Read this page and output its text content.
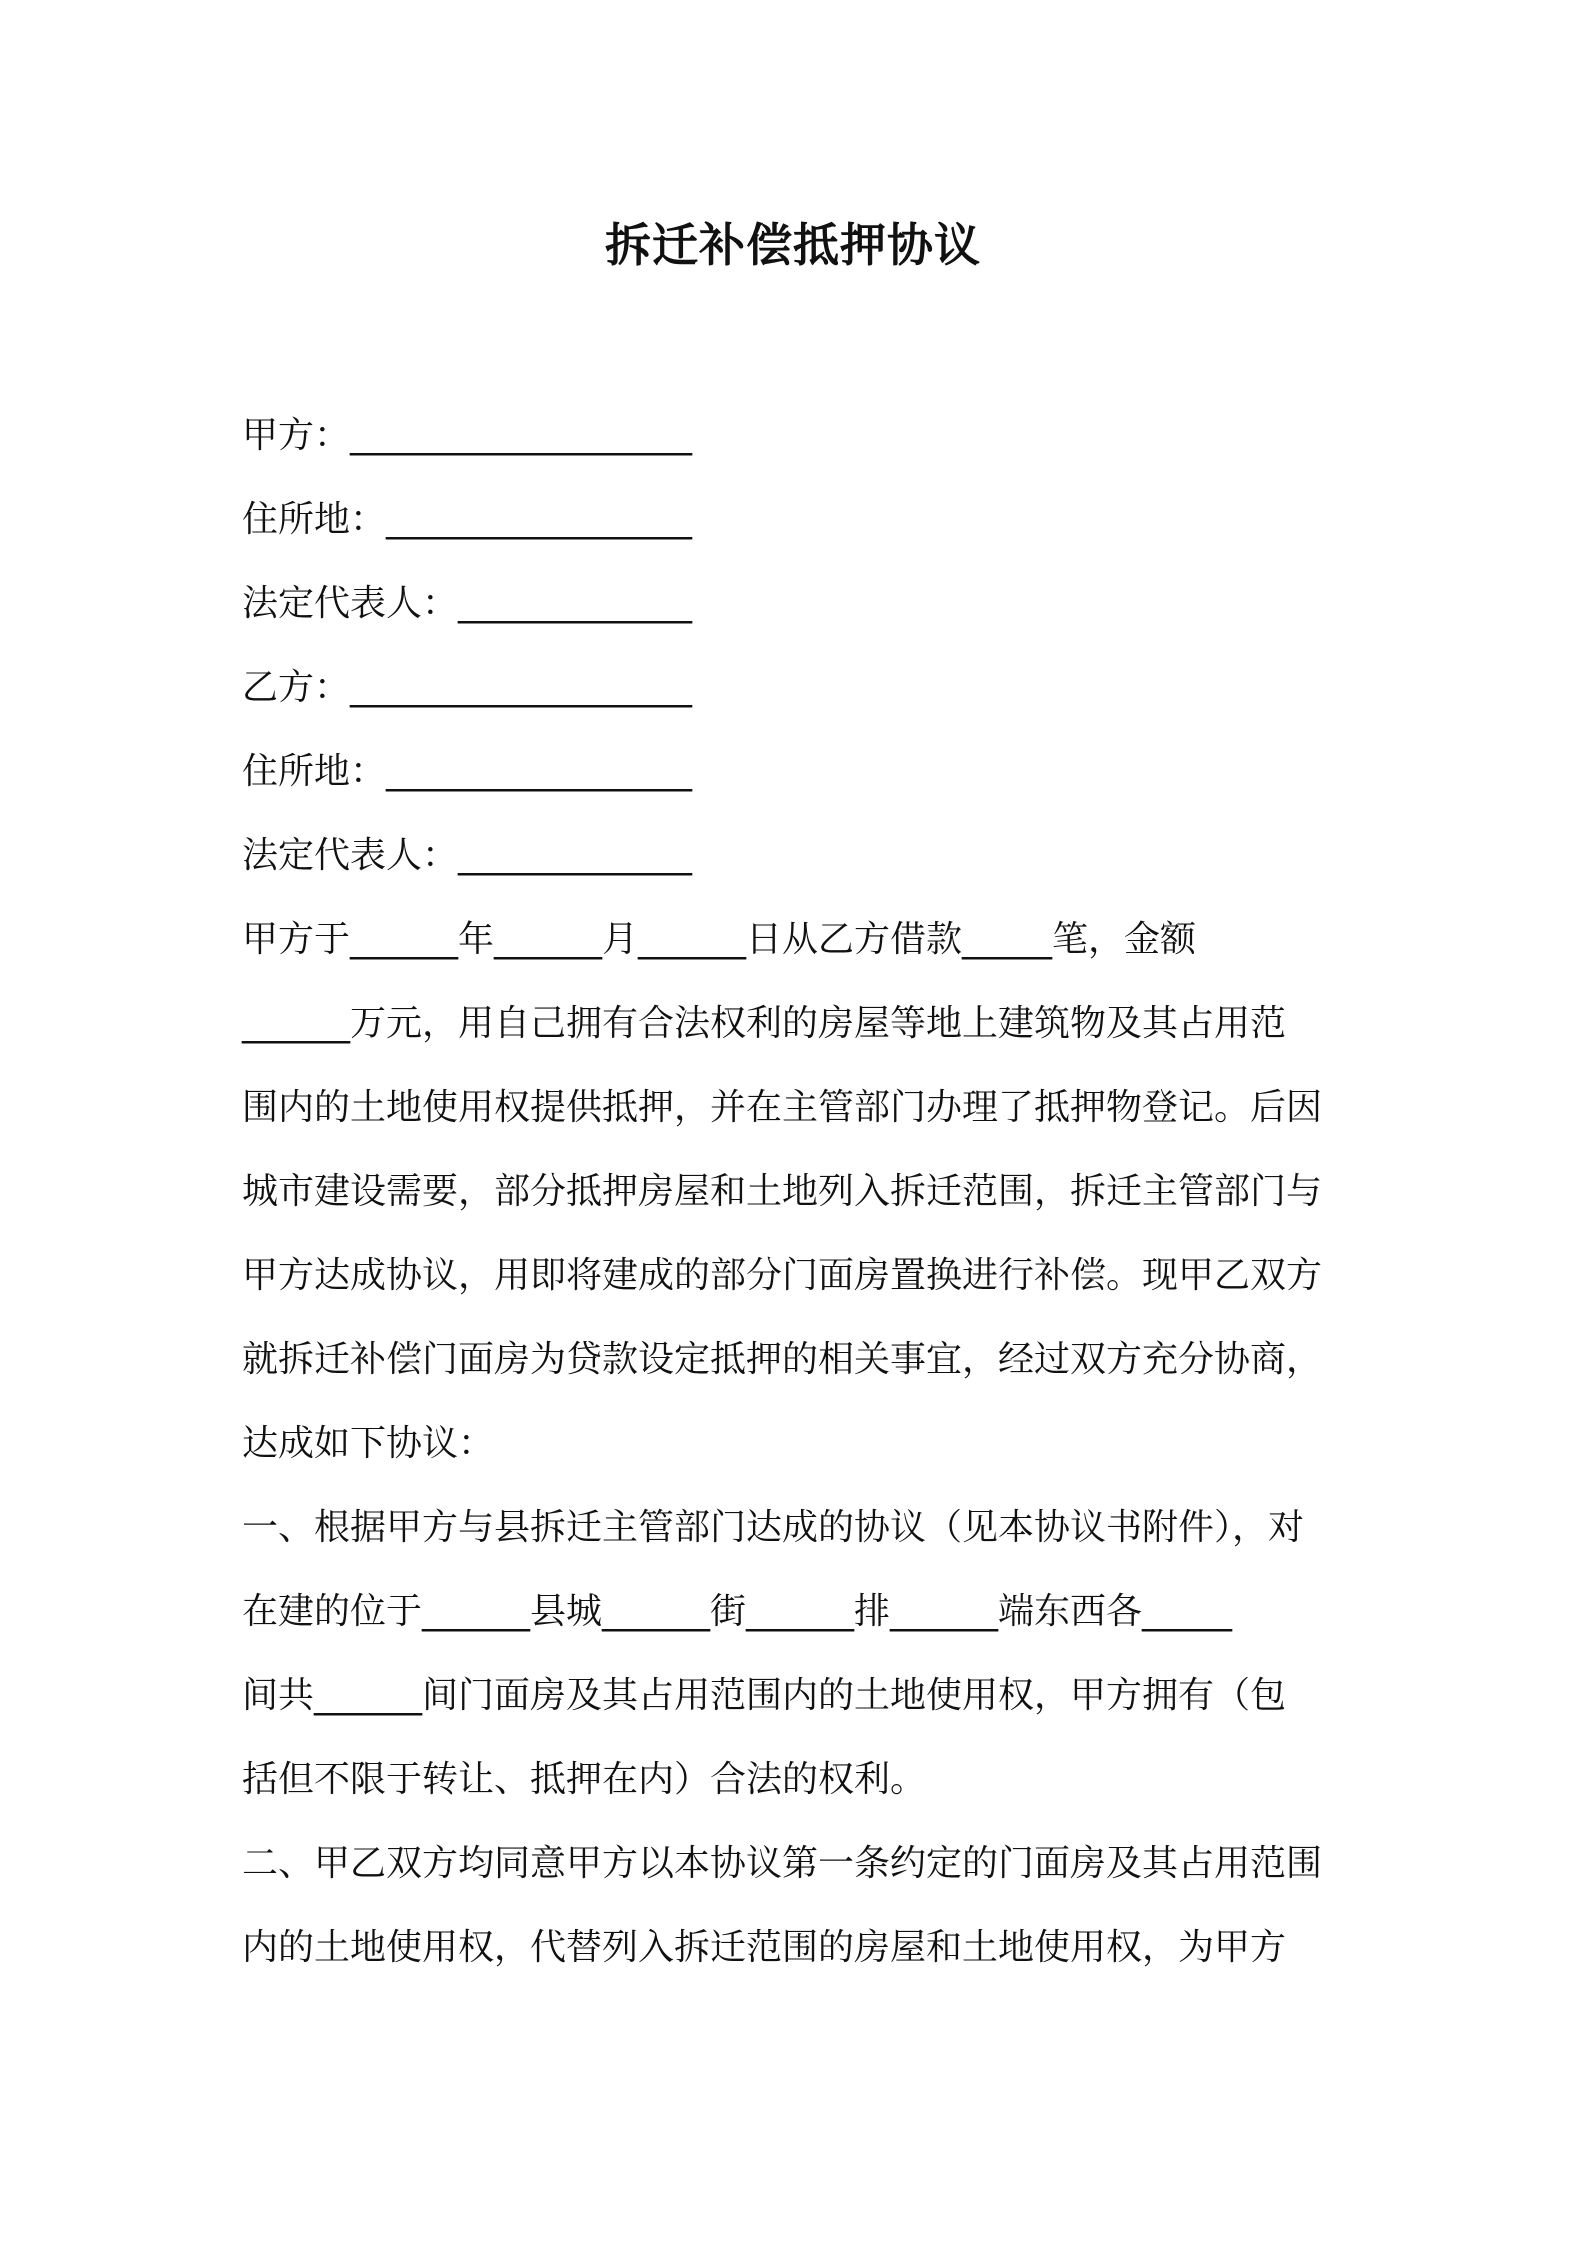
拆迁补偿抵押协议
甲方：___________________
住所地：_________________
法定代表人：_____________
乙方：___________________
住所地：_________________
法定代表人：_____________
甲方于______年______月______日从乙方借款_____笔，金额
______万元，用自己拥有合法权利的房屋等地上建筑物及其占用范
围内的土地使用权提供抵押，并在主管部门办理了抵押物登记。后因
城市建设需要，部分抵押房屋和土地列入拆迁范围，拆迁主管部门与
甲方达成协议，用即将建成的部分门面房置换进行补偿。现甲乙双方
就拆迁补偿门面房为贷款设定抵押的相关事宜，经过双方充分协商，
达成如下协议：
一、根据甲方与县拆迁主管部门达成的协议（见本协议书附件），对
在建的位于______县城______街______排______端东西各_____
间共______间门面房及其占用范围内的土地使用权，甲方拥有（包
括但不限于转让、抵押在内）合法的权利。
二、甲乙双方均同意甲方以本协议第一条约定的门面房及其占用范围
内的土地使用权，代替列入拆迁范围的房屋和土地使用权，为甲方
